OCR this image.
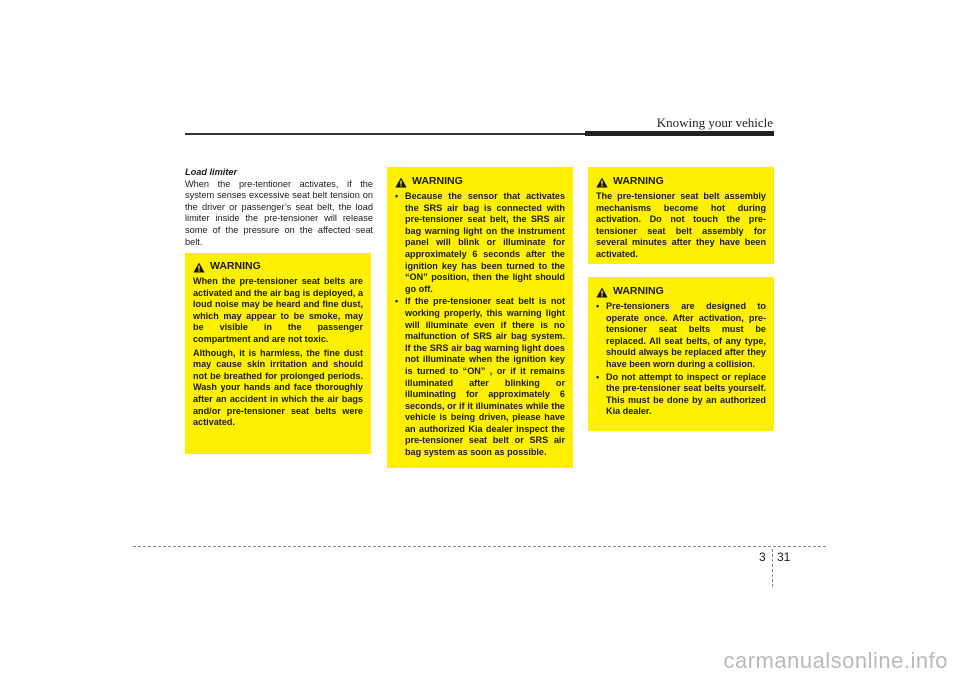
Knowing your vehicle
Load limiter
When the pre-tentioner activates, if the system senses excessive seat belt tension on the driver or passenger’s seat belt, the load limiter inside the pre-tensioner will release some of the pressure on the affected seat belt.
WARNING

When the pre-tensioner seat belts are activated and the air bag is deployed, a loud noise may be heard and fine dust, which may appear to be smoke, may be visible in the passenger compartment and are not toxic.

Although, it is harmless, the fine dust may cause skin irritation and should not be breathed for prolonged periods. Wash your hands and face thoroughly after an accident in which the air bags and/or pre-tensioner seat belts were activated.

WARNING
• Because the sensor that activates the SRS air bag is connected with pre-tensioner seat belt, the SRS air bag warning light on the instrument panel will blink or illuminate for approximately 6 seconds after the ignition key has been turned to the “ON” position, then the light should go off.
• If the pre-tensioner seat belt is not working properly, this warning light will illuminate even if there is no malfunction of SRS air bag system. If the SRS air bag warning light does not illuminate when the ignition key is turned to “ON” , or if it remains illuminated after blinking or illuminating for approximately 6 seconds, or if it illuminates while the vehicle is being driven, please have an authorized Kia dealer inspect the pre-tensioner seat belt or SRS air bag system as soon as possible.
WARNING

The pre-tensioner seat belt assembly mechanisms become hot during activation. Do not touch the pre-tensioner seat belt assembly for several minutes after they have been activated.

WARNING
• Pre-tensioners are designed to operate once. After activation, pre-tensioner seat belts must be replaced. All seat belts, of any type, should always be replaced after they have been worn during a collision.
• Do not attempt to inspect or replace the pre-tensioner seat belts yourself. This must be done by an authorized Kia dealer.
3 31
carmanualsonline.info
